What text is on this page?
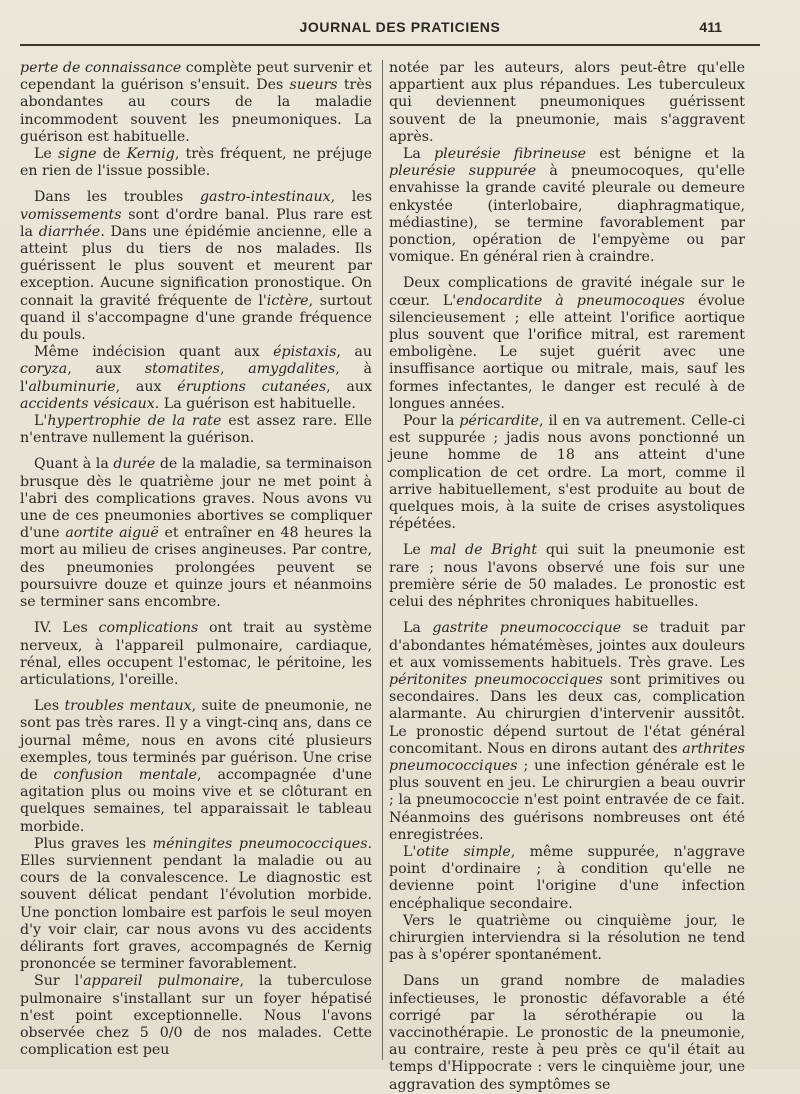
JOURNAL DES PRATICIENS	411

perte de connaissance complète peut survenir et cependant la guérison s'ensuit. Des sueurs très abondantes au cours de la maladie incommodent souvent les pneumoniques. La guérison est habituelle.

Le signe de Kernig, très fréquent, ne préjuge en rien de l'issue possible.

Dans les troubles gastro-intestinaux, les vomissements sont d'ordre banal. Plus rare est la diarrhée. Dans une épidémie ancienne, elle a atteint plus du tiers de nos malades. Ils guérissent le plus souvent et meurent par exception. Aucune signification pronostique. On connait la gravité fréquente de l'ictère, surtout quand il s'accompagne d'une grande fréquence du pouls.

Même indécision quant aux épistaxis, au coryza, aux stomatites, amygdalites, à l'albuminurie, aux éruptions cutanées, aux accidents vésicaux. La guérison est habituelle.

L'hypertrophie de la rate est assez rare. Elle n'entrave nullement la guérison.

Quant à la durée de la maladie, sa terminaison brusque dès le quatrième jour ne met point à l'abri des complications graves. Nous avons vu une de ces pneumonies abortives se compliquer d'une aortite aiguë et entraîner en 48 heures la mort au milieu de crises angineuses. Par contre, des pneumonies prolongées peuvent se poursuivre douze et quinze jours et néanmoins se terminer sans encombre.

IV. Les complications ont trait au système nerveux, à l'appareil pulmonaire, cardiaque, rénal, elles occupent l'estomac, le péritoine, les articulations, l'oreille.

Les troubles mentaux, suite de pneumonie, ne sont pas très rares. Il y a vingt-cinq ans, dans ce journal même, nous en avons cité plusieurs exemples, tous terminés par guérison. Une crise de confusion mentale, accompagnée d'une agitation plus ou moins vive et se clôturant en quelques semaines, tel apparaissait le tableau morbide.

Plus graves les méningites pneumococciques. Elles surviennent pendant la maladie ou au cours de la convalescence. Le diagnostic est souvent délicat pendant l'évolution morbide. Une ponction lombaire est parfois le seul moyen d'y voir clair, car nous avons vu des accidents délirants fort graves, accompagnés de Kernig prononcée se terminer favorablement.

Sur l'appareil pulmonaire, la tuberculose pulmonaire s'installant sur un foyer hépatisé n'est point exceptionnelle. Nous l'avons observée chez 5 0/0 de nos malades. Cette complication est peu

notée par les auteurs, alors peut-être qu'elle appartient aux plus répandues. Les tuberculeux qui deviennent pneumoniques guérissent souvent de la pneumonie, mais s'aggravent après.

La pleurésie fibrineuse est bénigne et la pleurésie suppurée à pneumocoques, qu'elle envahisse la grande cavité pleurale ou demeure enkystée (interlobaire, diaphragmatique, médiastine), se termine favorablement par ponction, opération de l'empyème ou par vomique. En général rien à craindre.

Deux complications de gravité inégale sur le cœur. L'endocardite à pneumocoques évolue silencieusement ; elle atteint l'orifice aortique plus souvent que l'orifice mitral, est rarement emboligène. Le sujet guérit avec une insuffisance aortique ou mitrale, mais, sauf les formes infectantes, le danger est reculé à de longues années.

Pour la péricardite, il en va autrement. Celle-ci est suppurée ; jadis nous avons ponctionné un jeune homme de 18 ans atteint d'une complication de cet ordre. La mort, comme il arrive habituellement, s'est produite au bout de quelques mois, à la suite de crises asystoliques répétées.

Le mal de Bright qui suit la pneumonie est rare ; nous l'avons observé une fois sur une première série de 50 malades. Le pronostic est celui des néphrites chroniques habituelles.

La gastrite pneumococcique se traduit par d'abondantes hématémèses, jointes aux douleurs et aux vomissements habituels. Très grave. Les péritonites pneumococciques sont primitives ou secondaires. Dans les deux cas, complication alarmante. Au chirurgien d'intervenir aussitôt. Le pronostic dépend surtout de l'état général concomitant. Nous en dirons autant des arthrites pneumococciques ; une infection générale est le plus souvent en jeu. Le chirurgien a beau ouvrir ; la pneumococcie n'est point entravée de ce fait. Néanmoins des guérisons nombreuses ont été enregistrées.

L'otite simple, même suppurée, n'aggrave point d'ordinaire ; à condition qu'elle ne devienne point l'origine d'une infection encéphalique secondaire.

Vers le quatrième ou cinquième jour, le chirurgien interviendra si la résolution ne tend pas à s'opérer spontanément.

Dans un grand nombre de maladies infectieuses, le pronostic défavorable a été corrigé par la sérothérapie ou la vaccinothérapie. Le pronostic de la pneumonie, au contraire, reste à peu près ce qu'il était au temps d'Hippocrate : vers le cinquième jour, une aggravation des symptômes se
